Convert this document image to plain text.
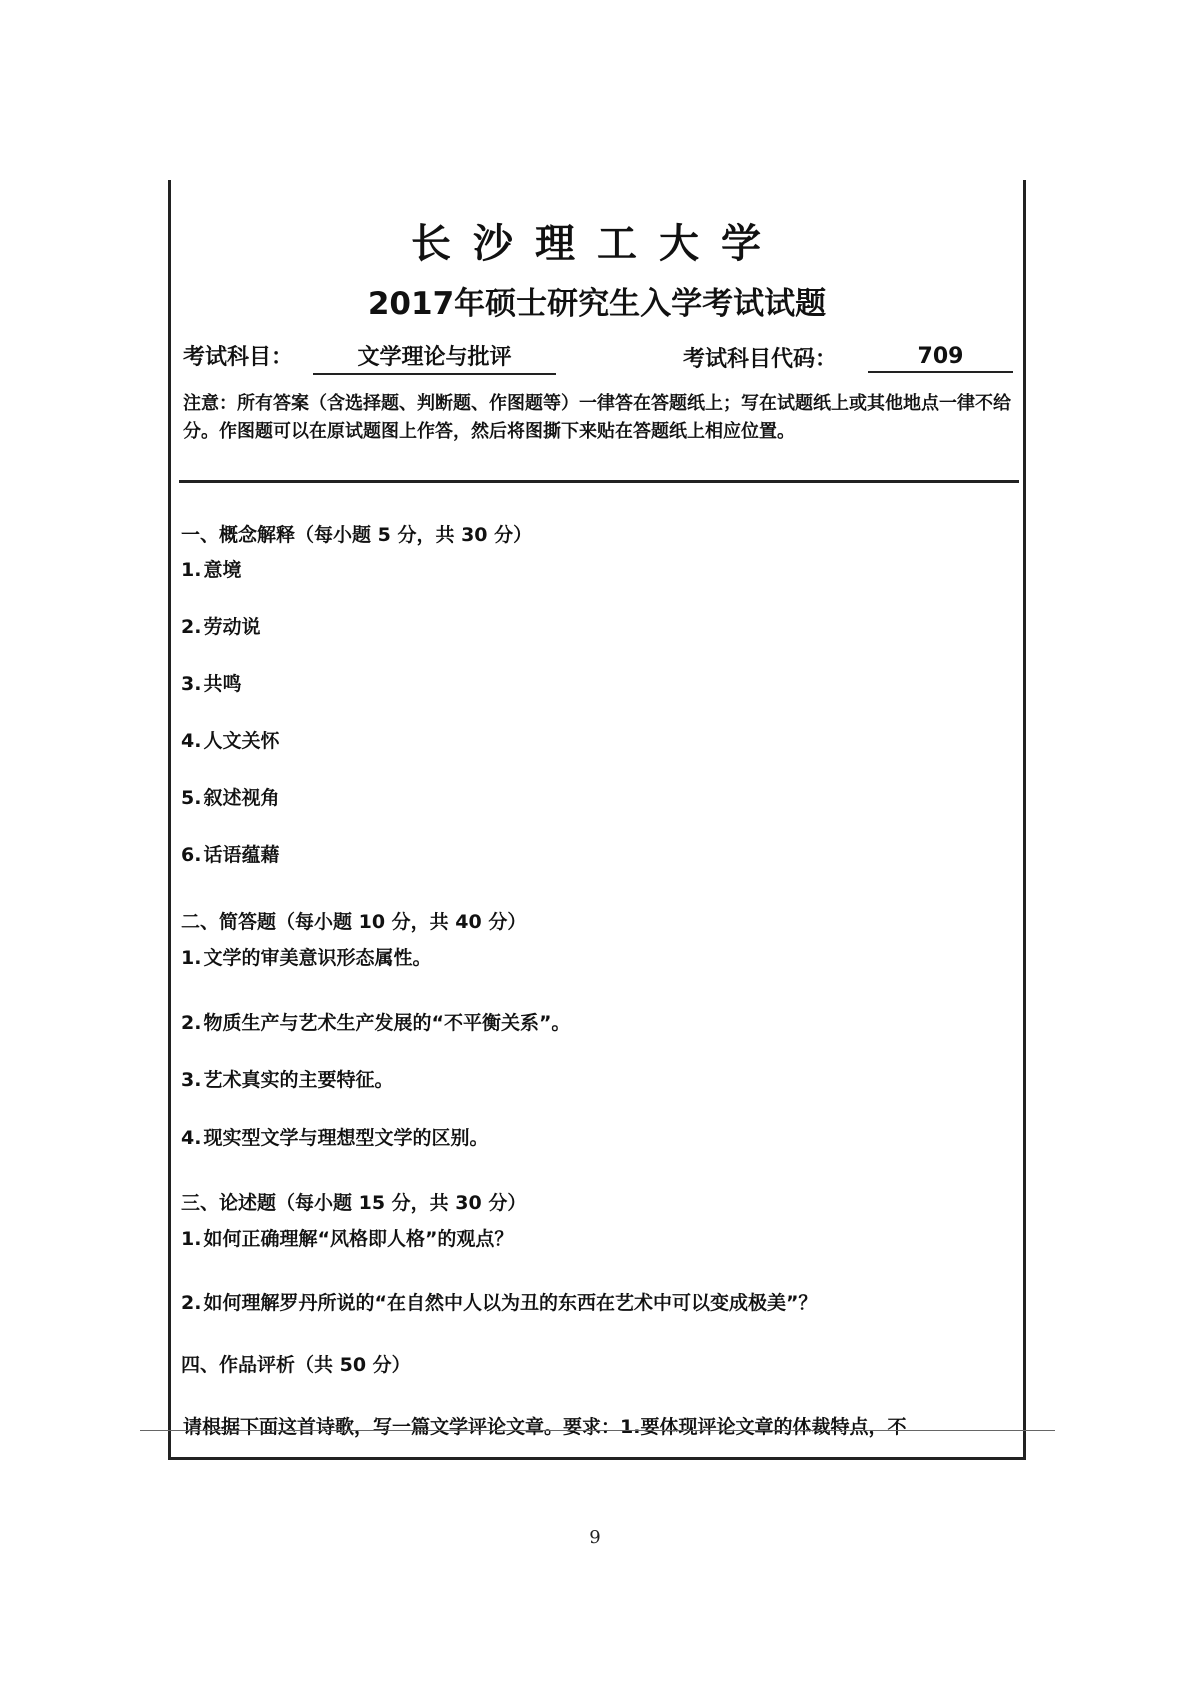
长沙理工大学
2017年硕士研究生入学考试试题
考试科目：	文学理论与批评	考试科目代码：	709
注意：所有答案（含选择题、判断题、作图题等）一律答在答题纸上；写在试题纸上或其他地点一律不给分。作图题可以在原试题图上作答，然后将图撕下来贴在答题纸上相应位置。
一、概念解释（每小题 5 分，共 30 分）
1. 意境
2. 劳动说
3. 共鸣
4. 人文关怀
5. 叙述视角
6. 话语蕴藉
二、简答题（每小题 10 分，共 40 分）
1. 文学的审美意识形态属性。
2. 物质生产与艺术生产发展的“不平衡关系”。
3. 艺术真实的主要特征。
4. 现实型文学与理想型文学的区别。
三、论述题（每小题 15 分，共 30 分）
1. 如何正确理解“风格即人格”的观点？
2. 如何理解罗丹所说的“在自然中人以为丑的东西在艺术中可以变成极美”？
四、作品评析（共 50 分）
请根据下面这首诗歌，写一篇文学评论文章。要求：1.要体现评论文章的体裁特点，不
9
